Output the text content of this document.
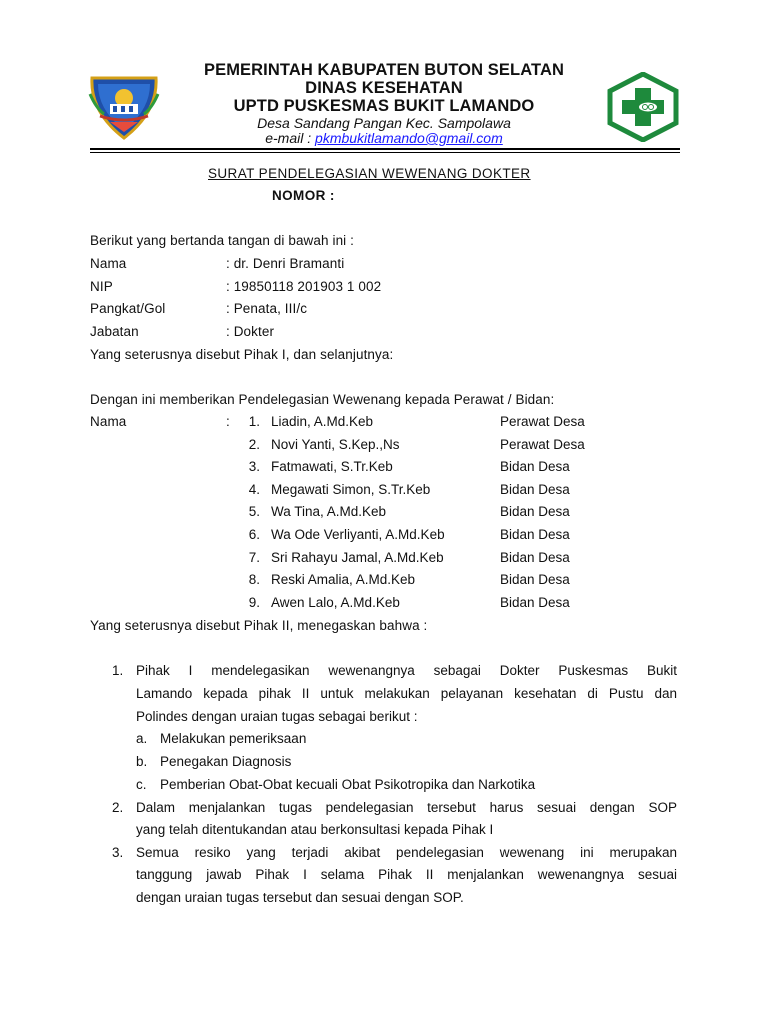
PEMERINTAH KABUPATEN BUTON SELATAN
DINAS KESEHATAN
UPTD PUSKESMAS BUKIT LAMANDO
Desa Sandang Pangan Kec. Sampolawa
e-mail : pkmbukitlamando@gmail.com
SURAT PENDELEGASIAN WEWENANG DOKTER
NOMOR :
Berikut yang bertanda tangan di bawah ini :
Nama	: dr. Denri Bramanti
NIP	: 19850118 201903 1 002
Pangkat/Gol	: Penata, III/c
Jabatan	: Dokter
Yang seterusnya disebut Pihak I, dan selanjutnya:
Dengan ini memberikan Pendelegasian Wewenang kepada Perawat / Bidan:
Nama	:	1. Liadin, A.Md.Keb	Perawat Desa
2. Novi Yanti, S.Kep.,Ns	Perawat Desa
3. Fatmawati, S.Tr.Keb	Bidan Desa
4. Megawati Simon, S.Tr.Keb	Bidan Desa
5. Wa Tina, A.Md.Keb	Bidan Desa
6. Wa Ode Verliyanti, A.Md.Keb	Bidan Desa
7. Sri Rahayu Jamal, A.Md.Keb	Bidan Desa
8. Reski Amalia, A.Md.Keb	Bidan Desa
9. Awen Lalo, A.Md.Keb	Bidan Desa
Yang seterusnya disebut Pihak II, menegaskan bahwa :
1. Pihak I mendelegasikan wewenangnya sebagai Dokter Puskesmas Bukit
Lamando kepada pihak II untuk melakukan pelayanan kesehatan di Pustu dan
Polindes dengan uraian tugas sebagai berikut :
a. Melakukan pemeriksaan
b. Penegakan Diagnosis
c. Pemberian Obat-Obat kecuali Obat Psikotropika dan Narkotika
2. Dalam menjalankan tugas pendelegasian tersebut harus sesuai dengan SOP
yang telah ditentukandan atau berkonsultasi kepada Pihak I
3. Semua resiko yang terjadi akibat pendelegasian wewenang ini merupakan
tanggung jawab Pihak I selama Pihak II menjalankan wewenangnya sesuai
dengan uraian tugas tersebut dan sesuai dengan SOP.
